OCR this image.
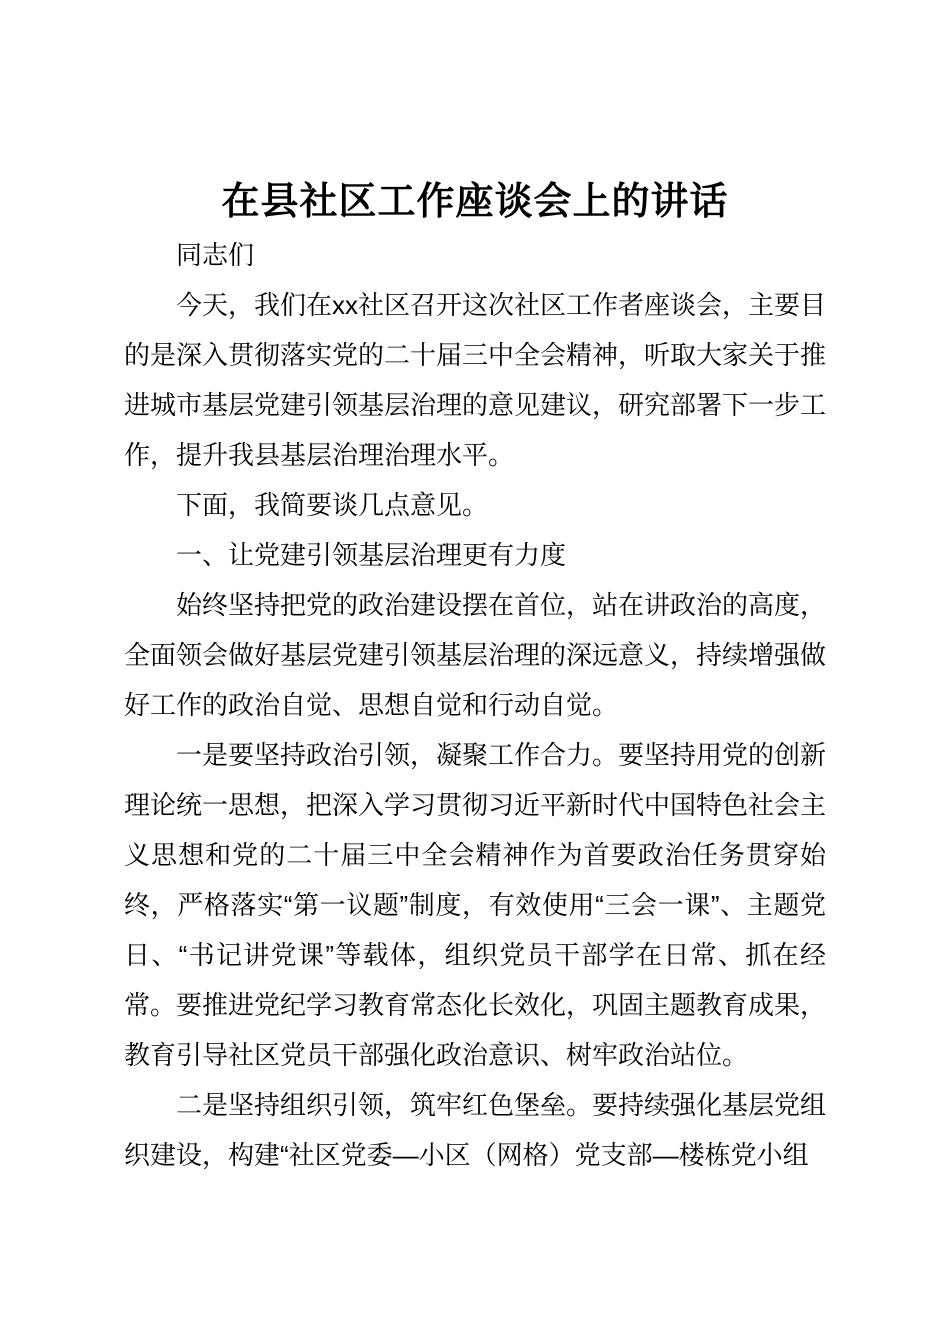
在县社区工作座谈会上的讲话

同志们

今天，我们在xx社区召开这次社区工作者座谈会，主要目的是深入贯彻落实党的二十届三中全会精神，听取大家关于推进城市基层党建引领基层治理的意见建议，研究部署下一步工作，提升我县基层治理治理水平。

下面，我简要谈几点意见。

一、让党建引领基层治理更有力度

始终坚持把党的政治建设摆在首位，站在讲政治的高度，全面领会做好基层党建引领基层治理的深远意义，持续增强做好工作的政治自觉、思想自觉和行动自觉。

一是要坚持政治引领，凝聚工作合力。要坚持用党的创新理论统一思想，把深入学习贯彻习近平新时代中国特色社会主义思想和党的二十届三中全会精神作为首要政治任务贯穿始终，严格落实“第一议题”制度，有效使用“三会一课”、主题党日、“书记讲党课”等载体，组织党员干部学在日常、抓在经常。要推进党纪学习教育常态化长效化，巩固主题教育成果，教育引导社区党员干部强化政治意识、树牢政治站位。

二是坚持组织引领，筑牢红色堡垒。要持续强化基层党组织建设，构建“社区党委—小区（网格）党支部—楼栋党小组
